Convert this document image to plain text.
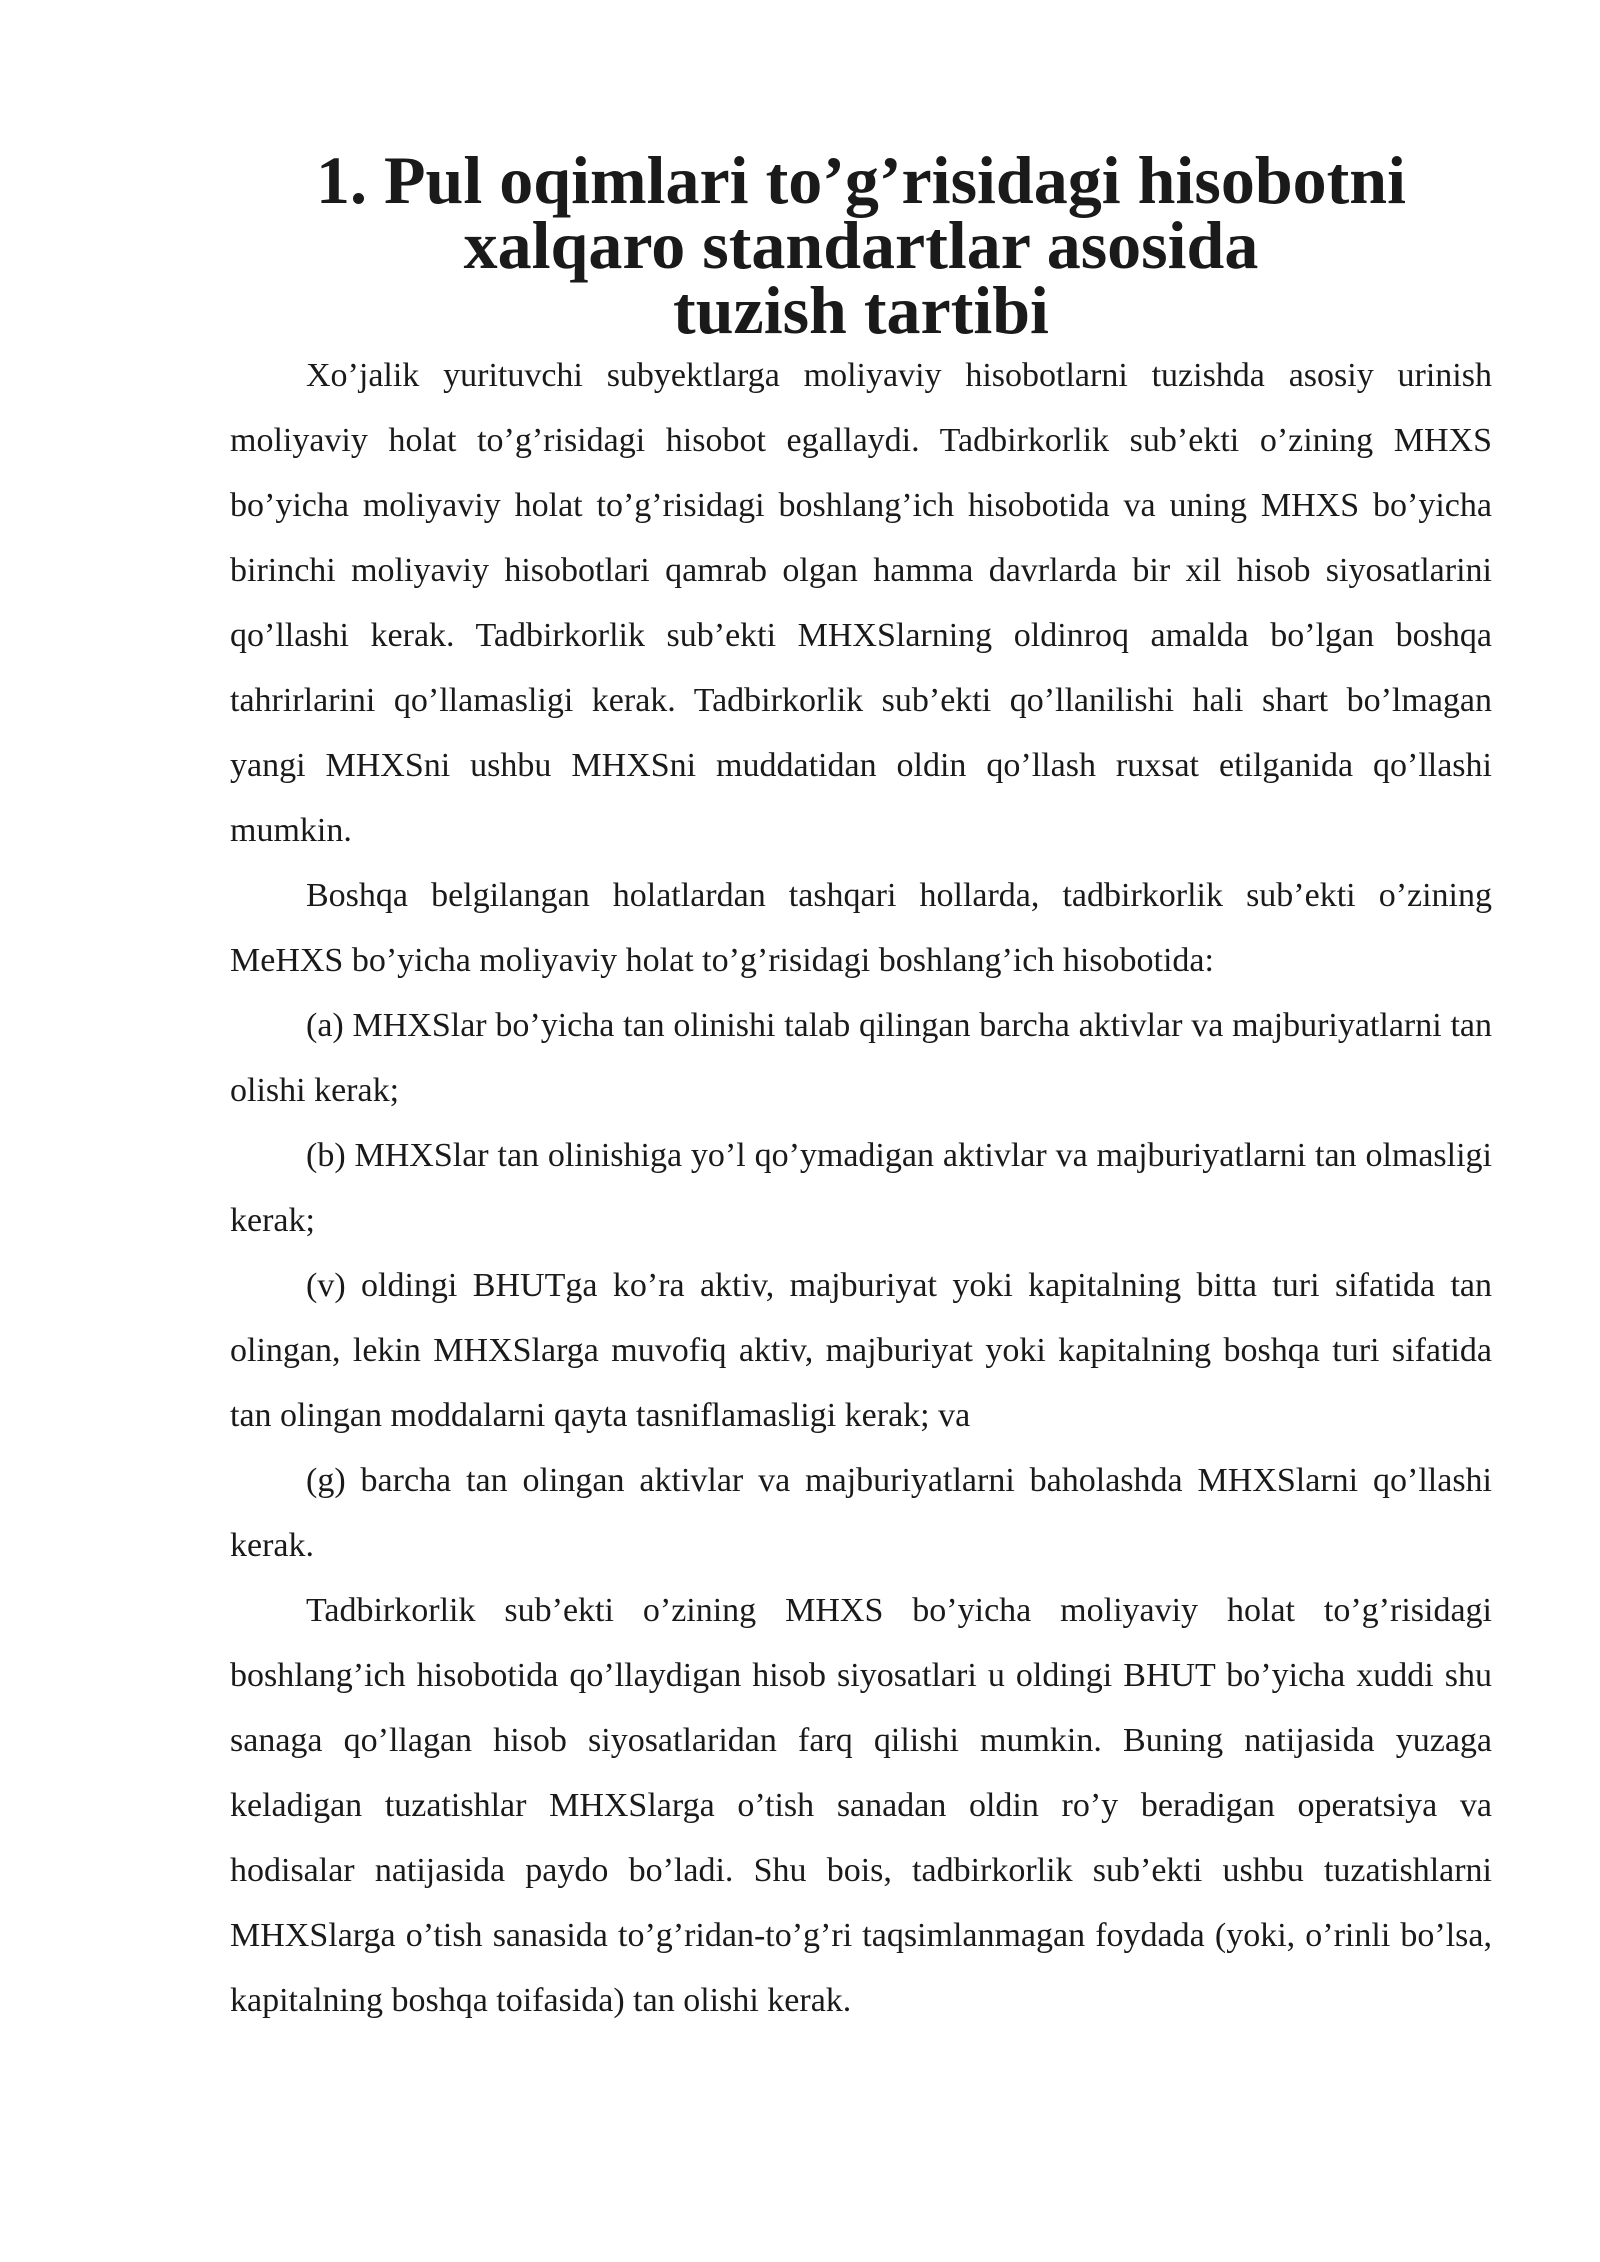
1. Pul oqimlari to’g’risidagi hisobotni xalqaro standartlar asosida
tuzish tartibi

Xo’jalik yurituvchi subyektlarga moliyaviy hisobotlarni tuzishda asosiy urinish moliyaviy holat to’g’risidagi hisobot egallaydi. Tadbirkorlik sub’ekti o’zining MHXS bo’yicha moliyaviy holat to’g’risidagi boshlang’ich hisobotida va uning MHXS bo’yicha birinchi moliyaviy hisobotlari qamrab olgan hamma davrlarda bir xil hisob siyosatlarini qo’llashi kerak. Tadbirkorlik sub’ekti MHXSlarning oldinroq amalda bo’lgan boshqa tahrirlarini qo’llamasligi kerak. Tadbirkorlik sub’ekti qo’llanilishi hali shart bo’lmagan yangi MHXSni ushbu MHXSni muddatidan oldin qo’llash ruxsat etilganida qo’llashi mumkin.

Boshqa belgilangan holatlardan tashqari hollarda, tadbirkorlik sub’ekti o’zining MeHXS bo’yicha moliyaviy holat to’g’risidagi boshlang’ich hisobotida:

(a) MHXSlar bo’yicha tan olinishi talab qilingan barcha aktivlar va majburiyatlarni tan olishi kerak;

(b) MHXSlar tan olinishiga yo’l qo’ymadigan aktivlar va majburiyatlarni tan olmasligi kerak;

(v) oldingi BHUTga ko’ra aktiv, majburiyat yoki kapitalning bitta turi sifatida tan olingan, lekin MHXSlarga muvofiq aktiv, majburiyat yoki kapitalning boshqa turi sifatida tan olingan moddalarni qayta tasniflamasligi kerak; va

(g) barcha tan olingan aktivlar va majburiyatlarni baholashda MHXSlarni qo’llashi kerak.

Tadbirkorlik sub’ekti o’zining MHXS bo’yicha moliyaviy holat to’g’risidagi boshlang’ich hisobotida qo’llaydigan hisob siyosatlari u oldingi BHUT bo’yicha xuddi shu sanaga qo’llagan hisob siyosatlaridan farq qilishi mumkin. Buning natijasida yuzaga keladigan tuzatishlar MHXSlarga o’tish sanadan oldin ro’y beradigan operatsiya va hodisalar natijasida paydo bo’ladi. Shu bois, tadbirkorlik sub’ekti ushbu tuzatishlarni MHXSlarga o’tish sanasida to’g’ridan-to’g’ri taqsimlanmagan foydada (yoki, o’rinli bo’lsa, kapitalning boshqa toifasida) tan olishi kerak.
